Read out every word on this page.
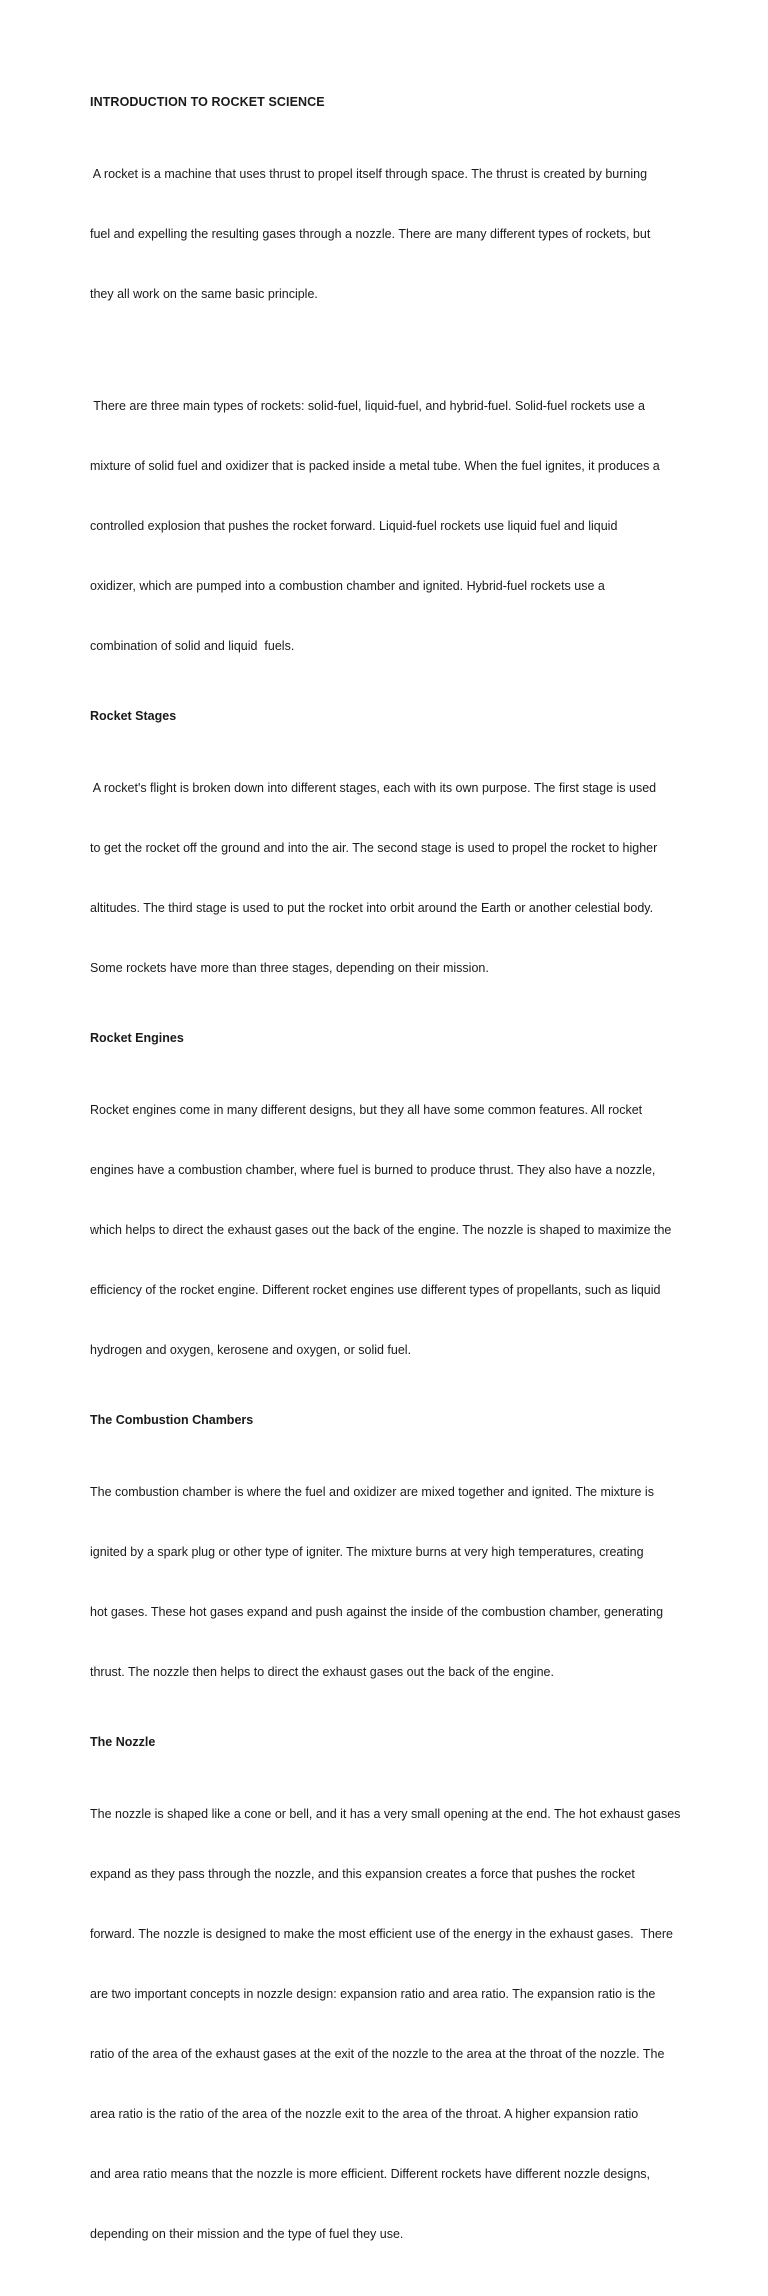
INTRODUCTION TO ROCKET SCIENCE

A rocket is a machine that uses thrust to propel itself through space. The thrust is created by burning

fuel and expelling the resulting gases through a nozzle. There are many different types of rockets, but

they all work on the same basic principle.

There are three main types of rockets: solid-fuel, liquid-fuel, and hybrid-fuel. Solid-fuel rockets use a

mixture of solid fuel and oxidizer that is packed inside a metal tube. When the fuel ignites, it produces a

controlled explosion that pushes the rocket forward. Liquid-fuel rockets use liquid fuel and liquid

oxidizer, which are pumped into a combustion chamber and ignited. Hybrid-fuel rockets use a

combination of solid and liquid  fuels.

Rocket Stages

A rocket's flight is broken down into different stages, each with its own purpose. The first stage is used

to get the rocket off the ground and into the air. The second stage is used to propel the rocket to higher

altitudes. The third stage is used to put the rocket into orbit around the Earth or another celestial body.

Some rockets have more than three stages, depending on their mission.

Rocket Engines

Rocket engines come in many different designs, but they all have some common features. All rocket

engines have a combustion chamber, where fuel is burned to produce thrust. They also have a nozzle,

which helps to direct the exhaust gases out the back of the engine. The nozzle is shaped to maximize the

efficiency of the rocket engine. Different rocket engines use different types of propellants, such as liquid

hydrogen and oxygen, kerosene and oxygen, or solid fuel.

The Combustion Chambers

The combustion chamber is where the fuel and oxidizer are mixed together and ignited. The mixture is

ignited by a spark plug or other type of igniter. The mixture burns at very high temperatures, creating

hot gases. These hot gases expand and push against the inside of the combustion chamber, generating

thrust. The nozzle then helps to direct the exhaust gases out the back of the engine.

The Nozzle

The nozzle is shaped like a cone or bell, and it has a very small opening at the end. The hot exhaust gases

expand as they pass through the nozzle, and this expansion creates a force that pushes the rocket

forward. The nozzle is designed to make the most efficient use of the energy in the exhaust gases.  There

are two important concepts in nozzle design: expansion ratio and area ratio. The expansion ratio is the

ratio of the area of the exhaust gases at the exit of the nozzle to the area at the throat of the nozzle. The

area ratio is the ratio of the area of the nozzle exit to the area of the throat. A higher expansion ratio

and area ratio means that the nozzle is more efficient. Different rockets have different nozzle designs,

depending on their mission and the type of fuel they use.
